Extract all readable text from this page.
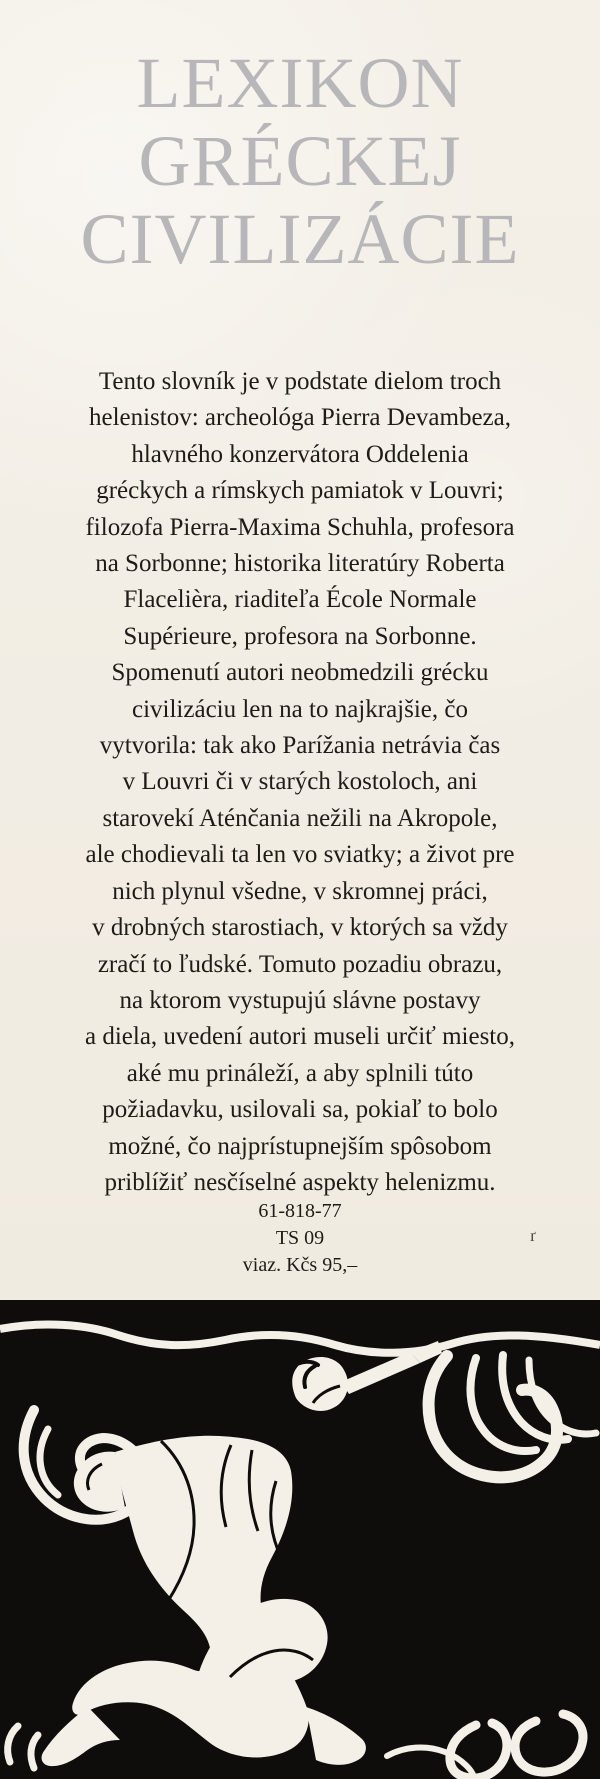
LEXIKON
GRÉCKEJ
CIVILIZÁCIE
Tento slovník je v podstate dielom troch
helenistov: archeológa Pierra Devambeza,
hlavného konzervátora Oddelenia
gréckych a rímskych pamiatok v Louvri;
filozofa Pierra-Maxima Schuhla, profesora
na Sorbonne; historika literatúry Roberta
Flacelièra, riaditeľa École Normale
Supérieure, profesora na Sorbonne.
Spomenutí autori neobmedzili grécku
civilizáciu len na to najkrajšie, čo
vytvorila: tak ako Parížania netrávia čas
v Louvri či v starých kostoloch, ani
starovekí Aténčania nežili na Akropole,
ale chodievali ta len vo sviatky; a život pre
nich plynul všedne, v skromnej práci,
v drobných starostiach, v ktorých sa vždy
zračí to ľudské. Tomuto pozadiu obrazu,
na ktorom vystupujú slávne postavy
a diela, uvedení autori museli určiť miesto,
aké mu prináleží, a aby splnili túto
požiadavku, usilovali sa, pokiaľ to bolo
možné, čo najprístupnejším spôsobom
priblížiť nesčíselné aspekty helenizmu.
61-818-77
TS 09
viaz. Kčs 95,–
ґ
